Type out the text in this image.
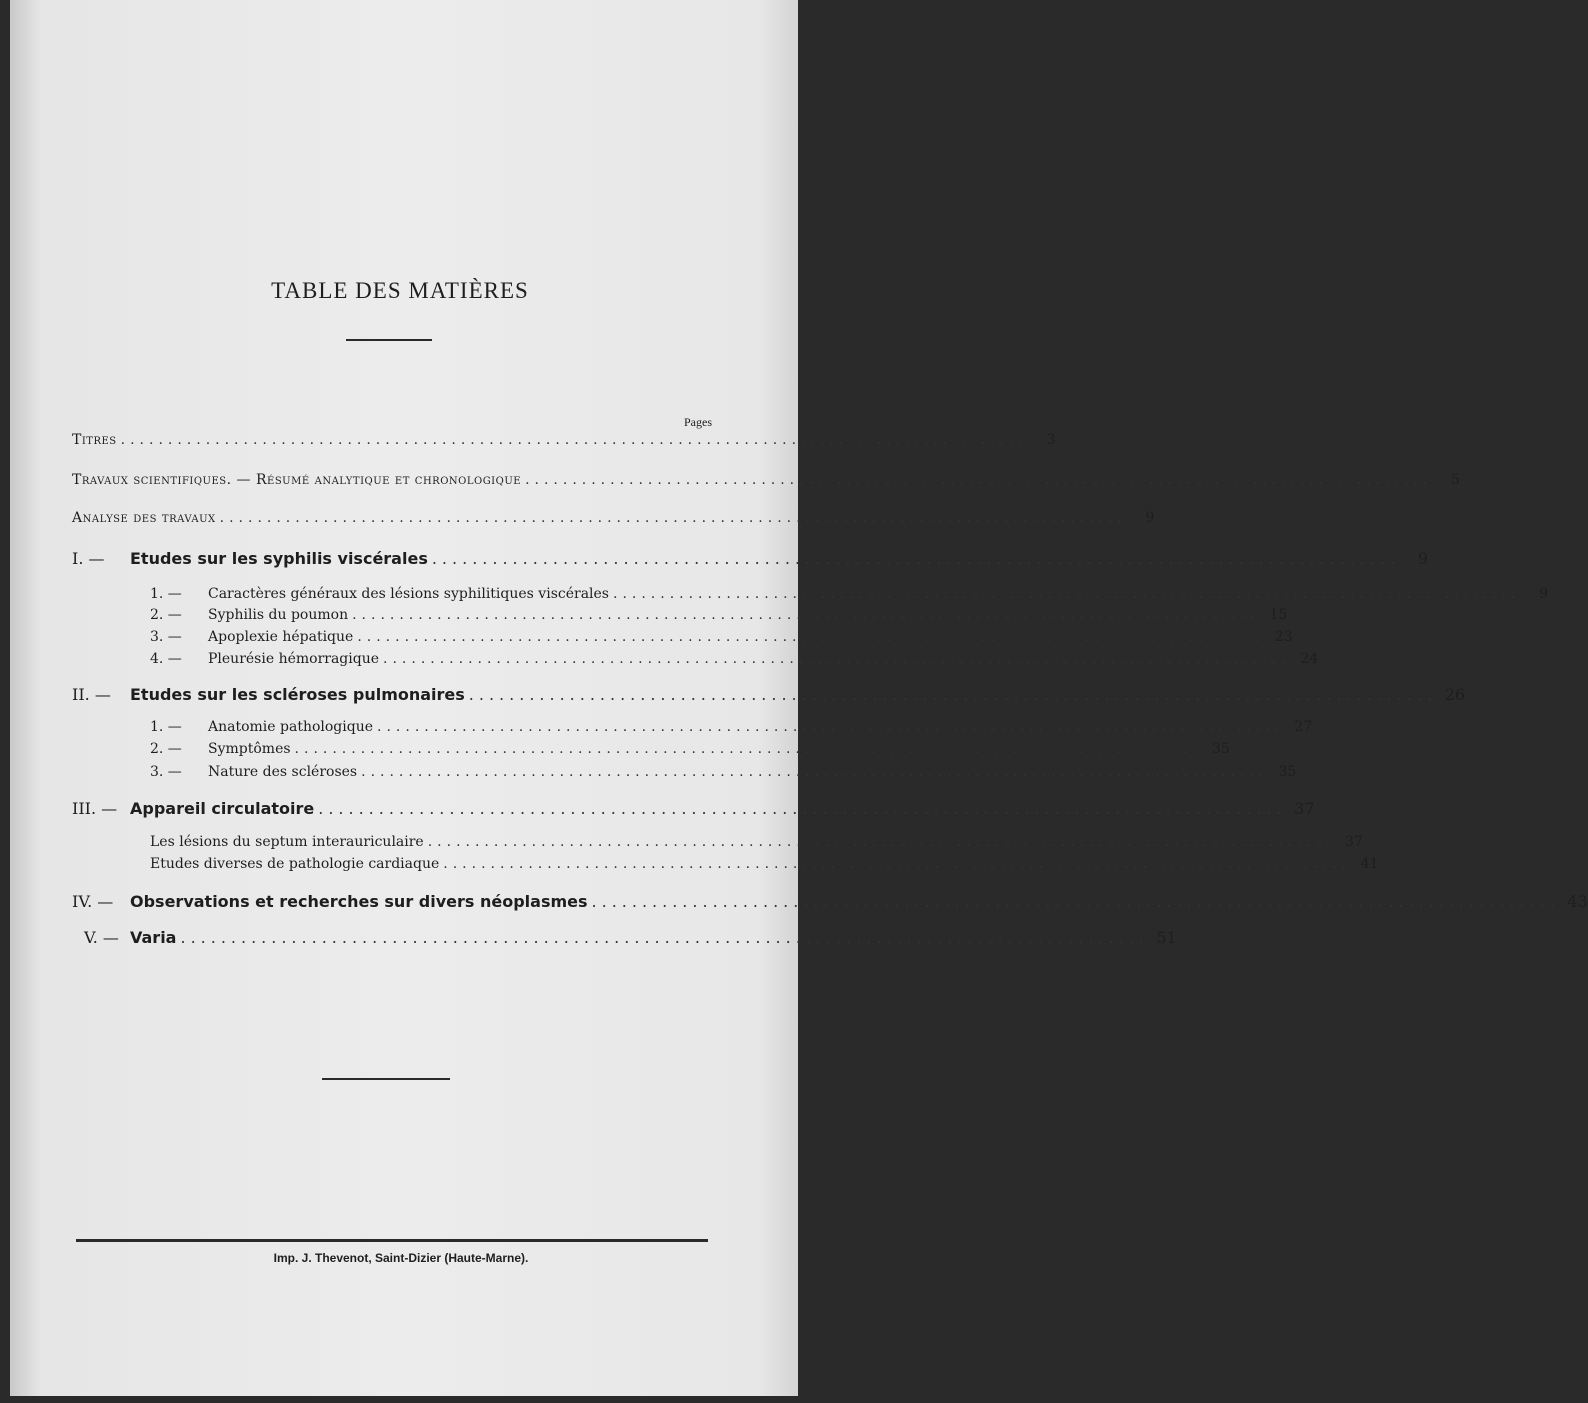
TABLE DES MATIÈRES
Pages
Titres ................................................................................................	3
Travaux scientifiques. — Résumé analytique et chronologique ................................................................................................	5
Analyse des travaux ................................................................................................	9
I. —	Etudes sur les syphilis viscérales ................................................................................................	9
1. —	Caractères généraux des lésions syphilitiques viscérales ................................................................................................	9
2. —	Syphilis du poumon ................................................................................................ 15
3. —	Apoplexie hépatique ................................................................................................ 23
4. —	Pleurésie hémorragique ................................................................................................ 24
II. —	Etudes sur les scléroses pulmonaires ................................................................................................ 26
1. —	Anatomie pathologique ................................................................................................ 27
2. —	Symptômes ................................................................................................ 35
3. —	Nature des scléroses ................................................................................................ 35
III. — Appareil circulatoire ................................................................................................ 37
Les lésions du septum interauriculaire ................................................................................................ 37
Etudes diverses de pathologie cardiaque ................................................................................................ 41
IV. —	Observations et recherches sur divers néoplasmes ................................................................................................ 43
V. — Varia ................................................................................................ 51
Imp. J. Thevenot, Saint-Dizier (Haute-Marne).
